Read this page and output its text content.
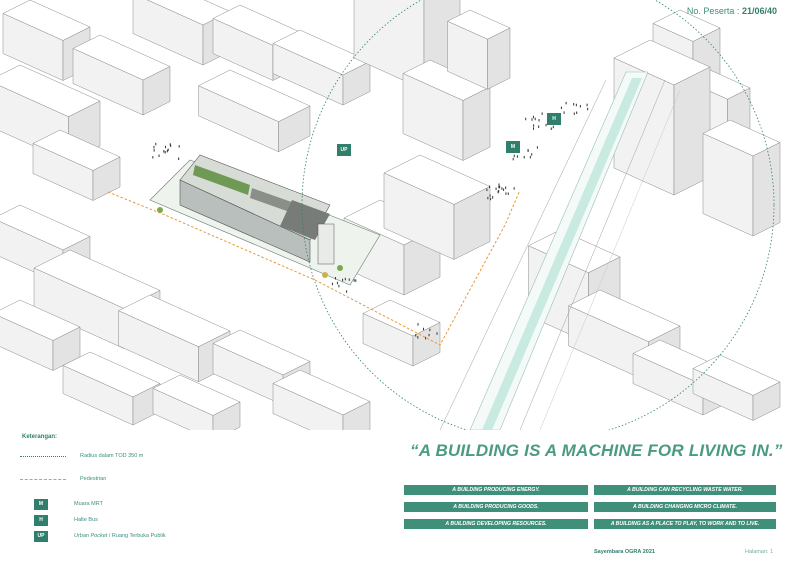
No. Peserta : 21/06/40
UP	M
H
Keterangan:
Radius dalam TOD 350 m
Pedestrian
M	Muara MRT
H	Halte Bus
UP	Urban Pocket / Ruang Terbuka Publik
“A BUILDING IS A MACHINE FOR LIVING IN.”
A BUILDING PRODUCING ENERGY.
A BUILDING PRODUCING GOODS.
A BUILDING DEVELOPING RESOURCES.
A BUILDING CAN RECYCLING WASTE WATER.
A BUILDING CHANGING MICRO CLIMATE.
A BUILDING AS A PLACE TO PLAY, TO WORK AND TO LIVE.
Sayembara OGRA 2021	Halaman: 1
